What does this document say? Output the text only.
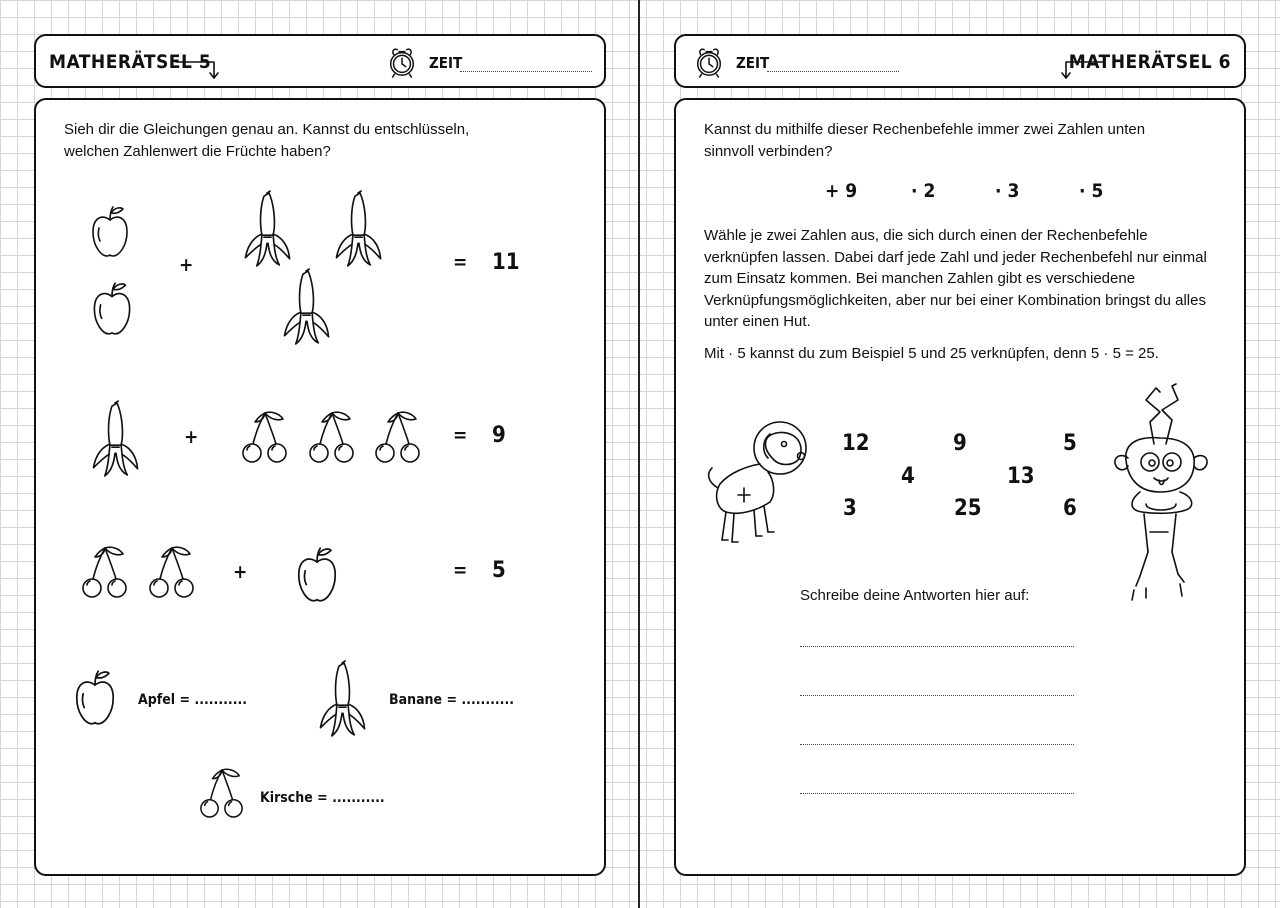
MATHERÄTSEL 5	ZEIT
Sieh dir die Gleichungen genau an. Kannst du entschlüsseln, welchen Zahlenwert die Früchte haben?
+	= 11
+	= 9
+	= 5
Apfel = ...........	Banane = ...........
Kirsche = ...........
ZEIT	MATHERÄTSEL 6
Kannst du mithilfe dieser Rechenbefehle immer zwei Zahlen unten sinnvoll verbinden?
+ 9	· 2	· 3	· 5
Wähle je zwei Zahlen aus, die sich durch einen der Rechenbefehle verknüpfen lassen. Dabei darf jede Zahl und jeder Rechenbefehl nur einmal zum Einsatz kommen. Bei manchen Zahlen gibt es verschiedene Verknüpfungsmöglichkeiten, aber nur bei einer Kombination bringst du alles unter einen Hut.
Mit · 5 kannst du zum Beispiel 5 und 25 verknüpfen, denn 5 · 5 = 25.
12	9	5
4	13
3	25	6
Schreibe deine Antworten hier auf:
